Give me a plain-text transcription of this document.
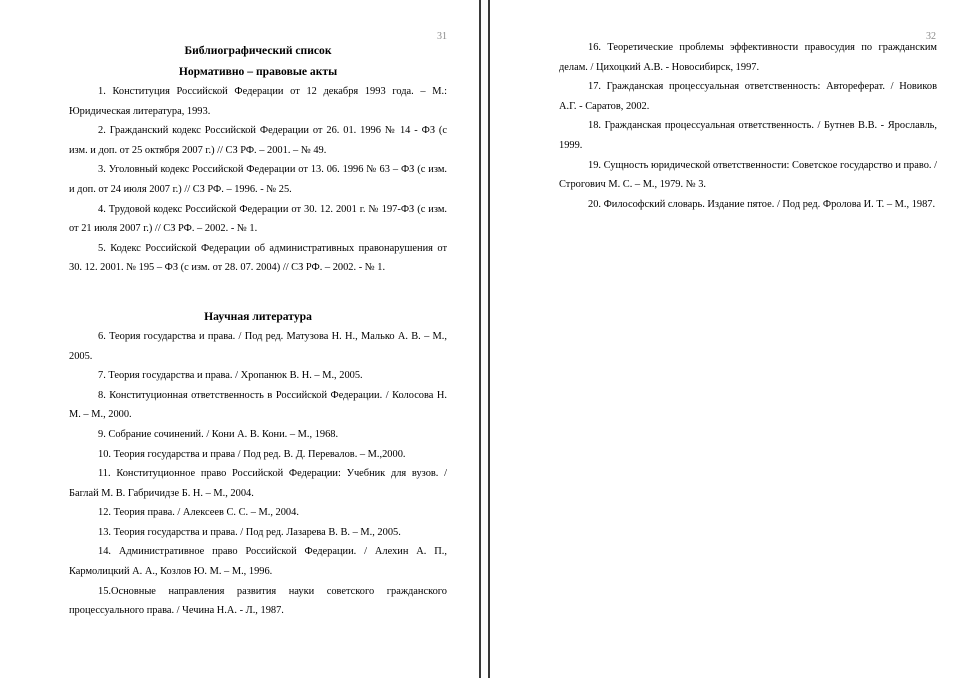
31
Библиографический список
Нормативно – правовые акты

1. Конституция Российской Федерации от 12 декабря 1993 года. – М.: Юридическая литература, 1993.

2. Гражданский кодекс Российской Федерации от 26. 01. 1996 № 14 - ФЗ (с изм. и доп. от 25 октября 2007 г.) // СЗ РФ. – 2001. – № 49.

3. Уголовный кодекс Российской Федерации от 13. 06. 1996 № 63 – ФЗ (с изм. и доп. от 24 июля 2007 г.) // СЗ РФ. – 1996. - № 25.

4. Трудовой кодекс Российской Федерации от 30. 12. 2001 г. № 197-ФЗ (с изм. от 21 июля 2007 г.) // СЗ РФ. – 2002. - № 1.

5. Кодекс Российской Федерации об административных правонарушения от 30. 12. 2001. № 195 – ФЗ (с изм. от 28. 07. 2004) // СЗ РФ. – 2002. - № 1.

Научная литература

6. Теория государства и права. / Под ред. Матузова Н. Н., Малько А. В. – М., 2005.

7. Теория государства и права. / Хропанюк В. Н. – М., 2005.

8. Конституционная ответственность в Российской Федерации. / Колосова Н. М. – М., 2000.

9. Собрание сочинений. / Кони А. В. Кони. – М., 1968.

10. Теория государства и права / Под ред. В. Д. Перевалов. – М.,2000.

11. Конституционное право Российской Федерации: Учебник для вузов. / Баглай М. В. Габричидзе Б. Н. – М., 2004.

12. Теория права. / Алексеев С. С. – М., 2004.

13. Теория государства и права. / Под ред. Лазарева В. В. – М., 2005.

14. Административное право Российской Федерации. / Алехин А. П., Кармолицкий А. А., Козлов Ю. М. – М., 1996.

15.Основные направления развития науки советского гражданского процессуального права. / Чечина Н.А. - Л., 1987.

32

16. Теоретические проблемы эффективности правосудия по гражданским делам. / Цихоцкий А.В. - Новосибирск, 1997.

17. Гражданская процессуальная ответственность: Автореферат. / Новиков А.Г. - Саратов, 2002.

18. Гражданская процессуальная ответственность. / Бутнев В.В. - Ярославль, 1999.

19. Сущность юридической ответственности: Советское государство и право. / Строгович М. С. – М., 1979. № 3.

20. Философский словарь. Издание пятое. / Под ред. Фролова И. Т. – М., 1987.
